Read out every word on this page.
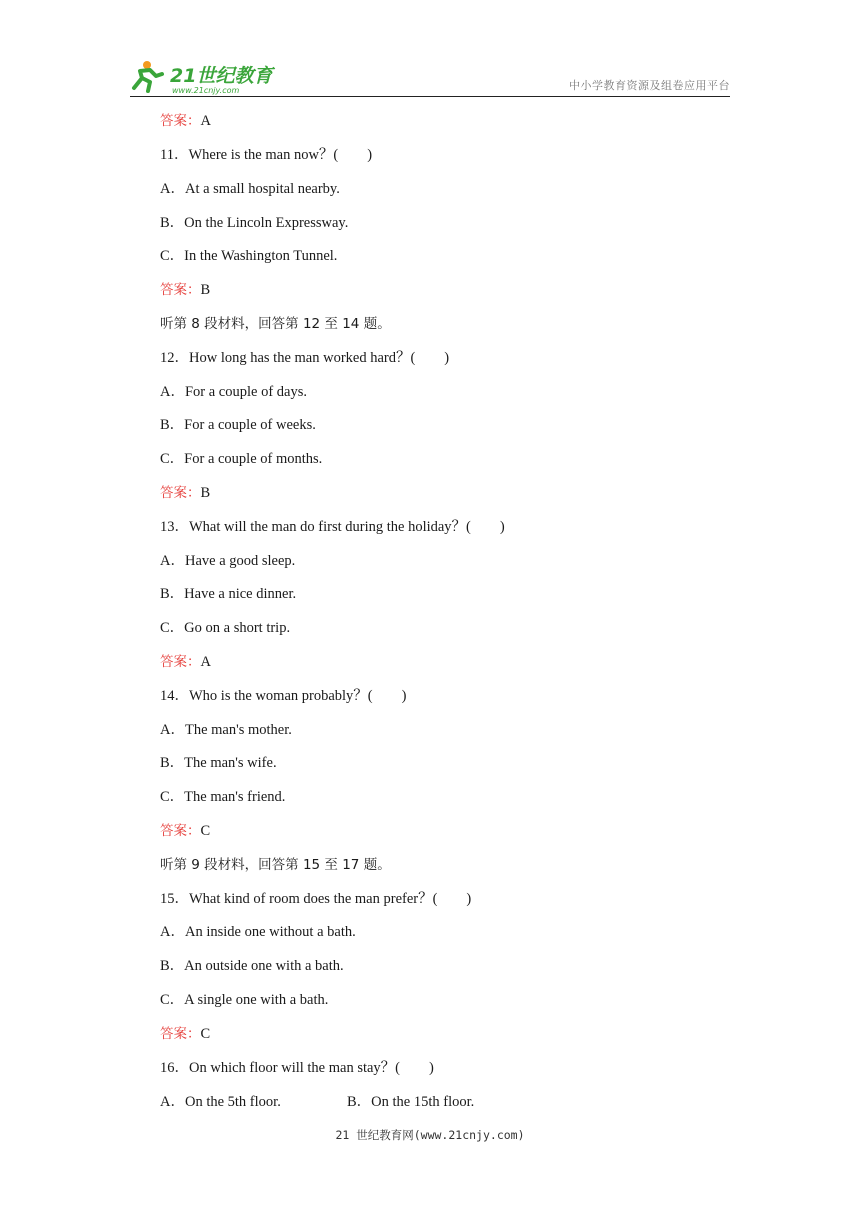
21世纪教育
www.21cnjy.com	中小学教育资源及组卷应用平台
答案：A
11．Where is the man now？(　　)
A．At a small hospital nearby.
B．On the Lincoln Expressway.
C．In the Washington Tunnel.
答案：B
听第 8 段材料，回答第 12 至 14 题。
12．How long has the man worked hard？(　　)
A．For a couple of days.
B．For a couple of weeks.
C．For a couple of months.
答案：B
13．What will the man do first during the holiday？(　　)
A．Have a good sleep.
B．Have a nice dinner.
C．Go on a short trip.
答案：A
14．Who is the woman probably？(　　)
A．The man's mother.
B．The man's wife.
C．The man's friend.
答案：C
听第 9 段材料，回答第 15 至 17 题。
15．What kind of room does the man prefer？(　　)
A．An inside one without a bath.
B．An outside one with a bath.
C．A single one with a bath.
答案：C
16．On which floor will the man stay？(　　)
A．On the 5th floor.	B．On the 15th floor.
21 世纪教育网(www.21cnjy.com)
